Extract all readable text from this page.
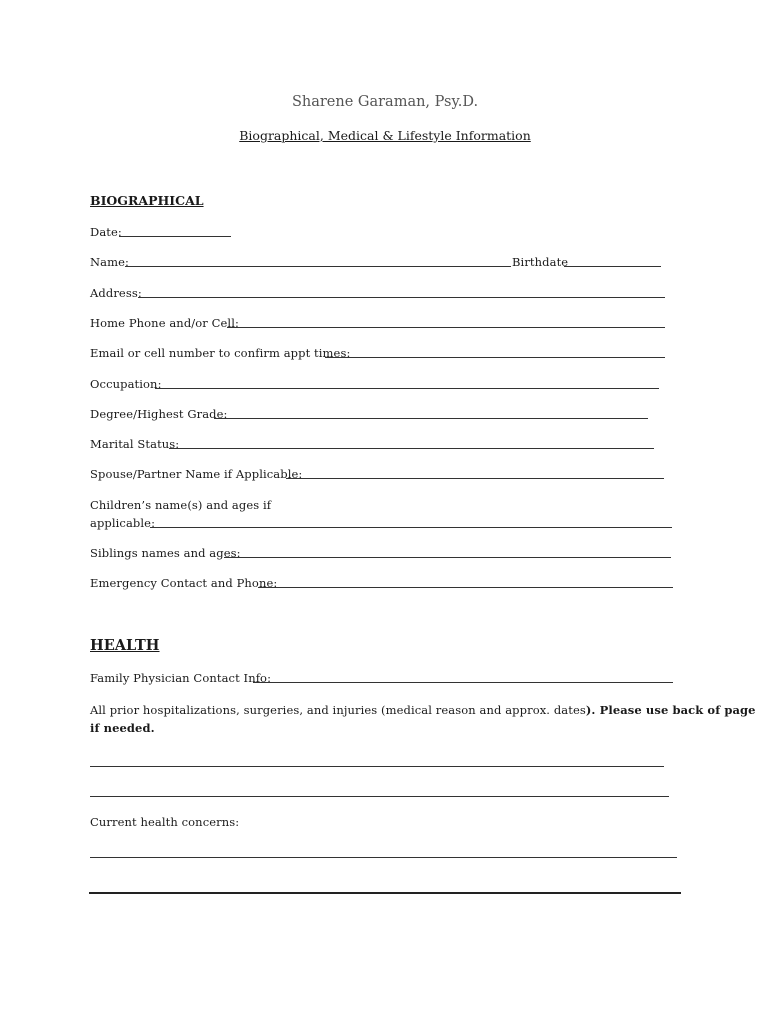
Sharene Garaman, Psy.D.
Biographical, Medical & Lifestyle Information
BIOGRAPHICAL
Date:
Name:	Birthdate
Address:
Home Phone and/or Cell:
Email or cell number to confirm appt times:
Occupation:
Degree/Highest Grade:
Marital Status:
Spouse/Partner Name if Applicable:
Children’s name(s) and ages if
applicable:
Siblings names and ages:
Emergency Contact and Phone:
HEALTH
Family Physician Contact Info:
All prior hospitalizations, surgeries, and injuries (medical reason and approx. dates). Please use back of page
if needed.
Current health concerns:
